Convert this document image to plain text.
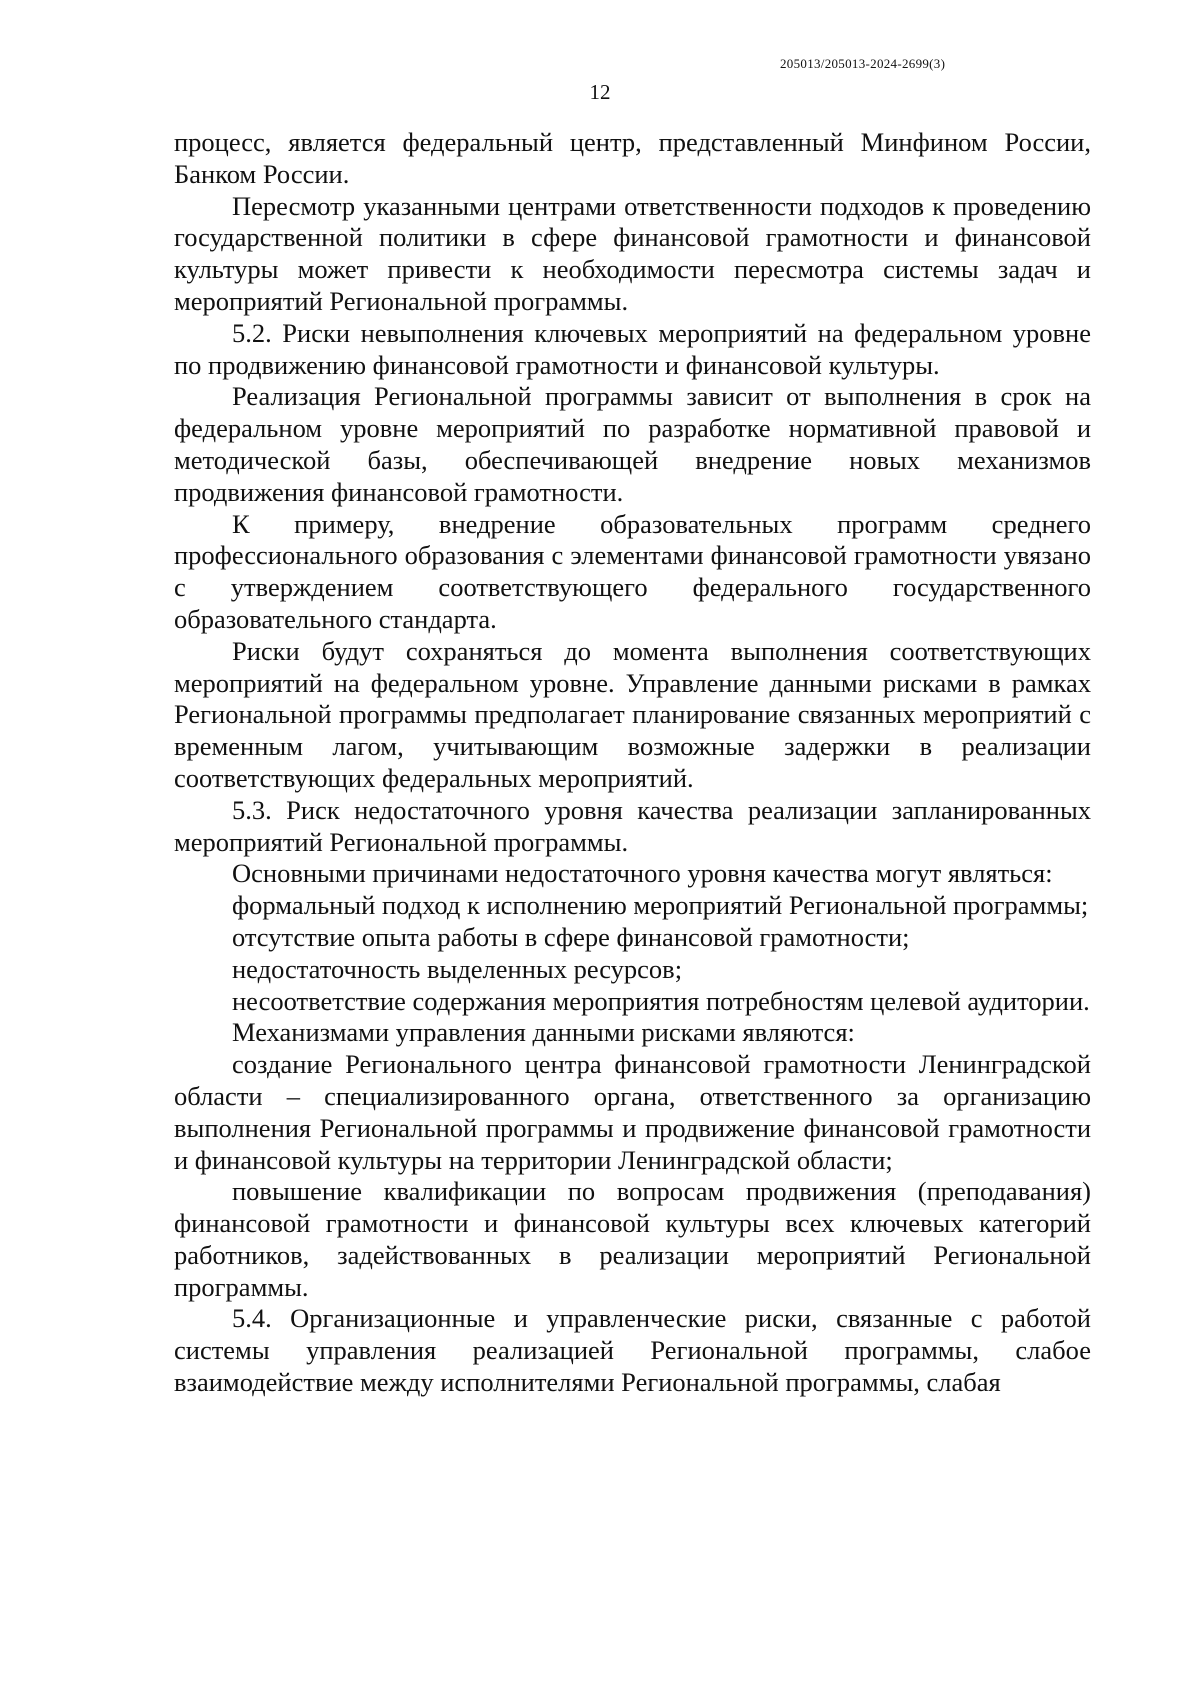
205013/205013-2024-2699(3)
12

процесс, является федеральный центр, представленный Минфином России, Банком России.

Пересмотр указанными центрами ответственности подходов к проведению государственной политики в сфере финансовой грамотности и финансовой культуры может привести к необходимости пересмотра системы задач и мероприятий Региональной программы.

5.2. Риски невыполнения ключевых мероприятий на федеральном уровне по продвижению финансовой грамотности и финансовой культуры.

Реализация Региональной программы зависит от выполнения в срок на федеральном уровне мероприятий по разработке нормативной правовой и методической базы, обеспечивающей внедрение новых механизмов продвижения финансовой грамотности.

К примеру, внедрение образовательных программ среднего профессионального образования с элементами финансовой грамотности увязано с утверждением соответствующего федерального государственного образовательного стандарта.

Риски будут сохраняться до момента выполнения соответствующих мероприятий на федеральном уровне. Управление данными рисками в рамках Региональной программы предполагает планирование связанных мероприятий с временным лагом, учитывающим возможные задержки в реализации соответствующих федеральных мероприятий.

5.3. Риск недостаточного уровня качества реализации запланированных мероприятий Региональной программы.

Основными причинами недостаточного уровня качества могут являться:

формальный подход к исполнению мероприятий Региональной программы;

отсутствие опыта работы в сфере финансовой грамотности;

недостаточность выделенных ресурсов;

несоответствие содержания мероприятия потребностям целевой аудитории.

Механизмами управления данными рисками являются:

создание Регионального центра финансовой грамотности Ленинградской области – специализированного органа, ответственного за организацию выполнения Региональной программы и продвижение финансовой грамотности и финансовой культуры на территории Ленинградской области;

повышение квалификации по вопросам продвижения (преподавания) финансовой грамотности и финансовой культуры всех ключевых категорий работников, задействованных в реализации мероприятий Региональной программы.

5.4. Организационные и управленческие риски, связанные с работой системы управления реализацией Региональной программы, слабое взаимодействие между исполнителями Региональной программы, слабая
